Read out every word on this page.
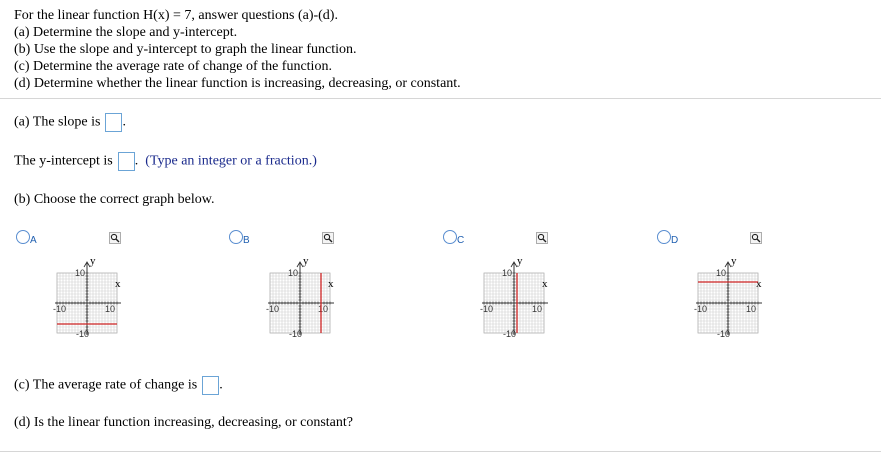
For the linear function H(x) = 7, answer questions (a)-(d).
(a) Determine the slope and y-intercept.
(b) Use the slope and y-intercept to graph the linear function.
(c) Determine the average rate of change of the function.
(d) Determine whether the linear function is increasing, decreasing, or constant.
(a) The slope is .
The y-intercept is . (Type an integer or a fraction.)
(b) Choose the correct graph below.
A
y
x
10
-10
-10	10
B
y
x
10
-10
-10	10
C
y
x
10
-10
-10	10
D
y
x
10
-10
-10	10
(c) The average rate of change is .
(d) Is the linear function increasing, decreasing, or constant?
